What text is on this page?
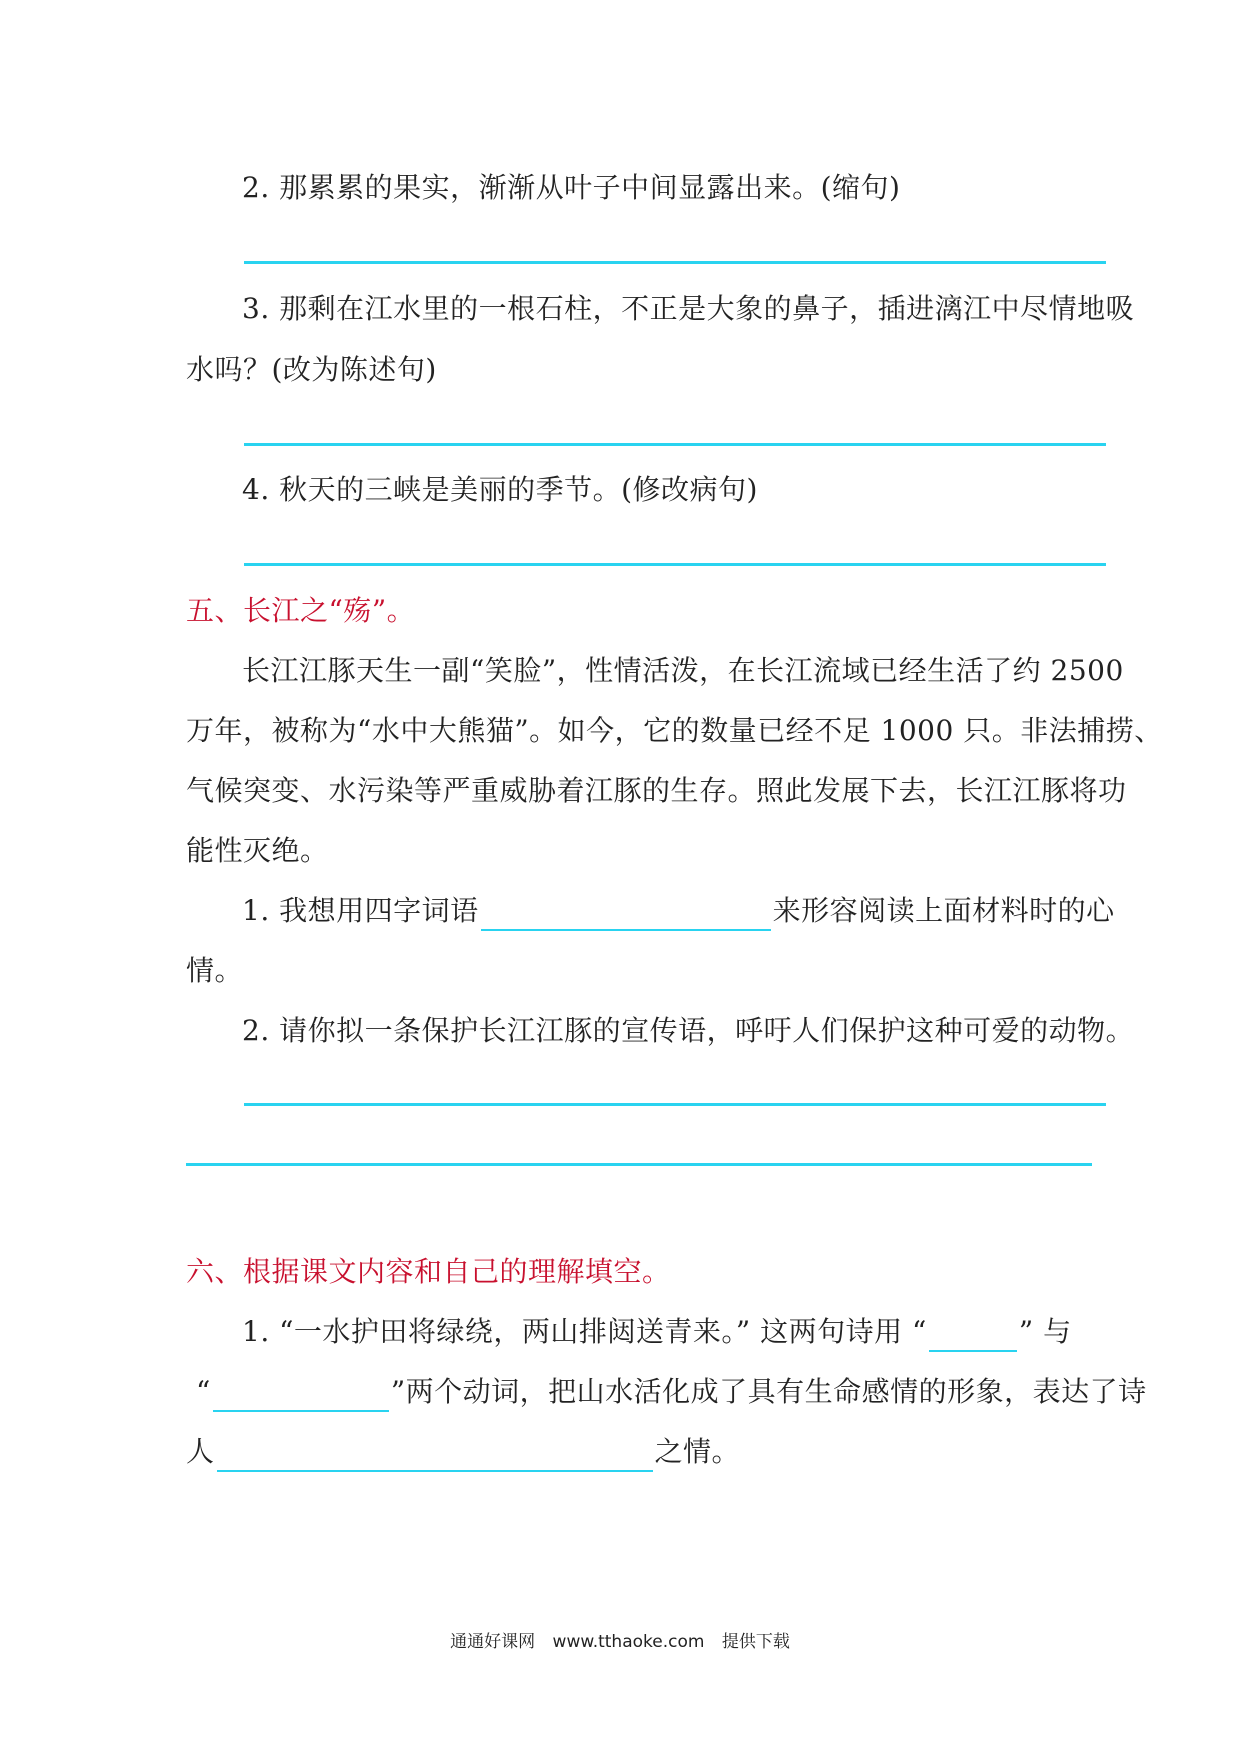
2. 那累累的果实，渐渐从叶子中间显露出来。(缩句)
3. 那剩在江水里的一根石柱，不正是大象的鼻子，插进漓江中尽情地吸
水吗？(改为陈述句)
4. 秋天的三峡是美丽的季节。(修改病句)
五、长江之“殇”。
长江江豚天生一副“笑脸”，性情活泼，在长江流域已经生活了约 2500
万年，被称为“水中大熊猫”。如今，它的数量已经不足 1000 只。非法捕捞、
气候突变、水污染等严重威胁着江豚的生存。照此发展下去，长江江豚将功
能性灭绝。
1. 我想用四字词语	来形容阅读上面材料时的心
情。
2. 请你拟一条保护长江江豚的宣传语，呼吁人们保护这种可爱的动物。
六、根据课文内容和自己的理解填空。
1. “一水护田将绿绕，两山排闼送青来。” 这两句诗用 “	” 与
“	”两个动词，把山水活化成了具有生命感情的形象，表达了诗
人	之情。
通通好课网 www.tthaoke.com 提供下载
